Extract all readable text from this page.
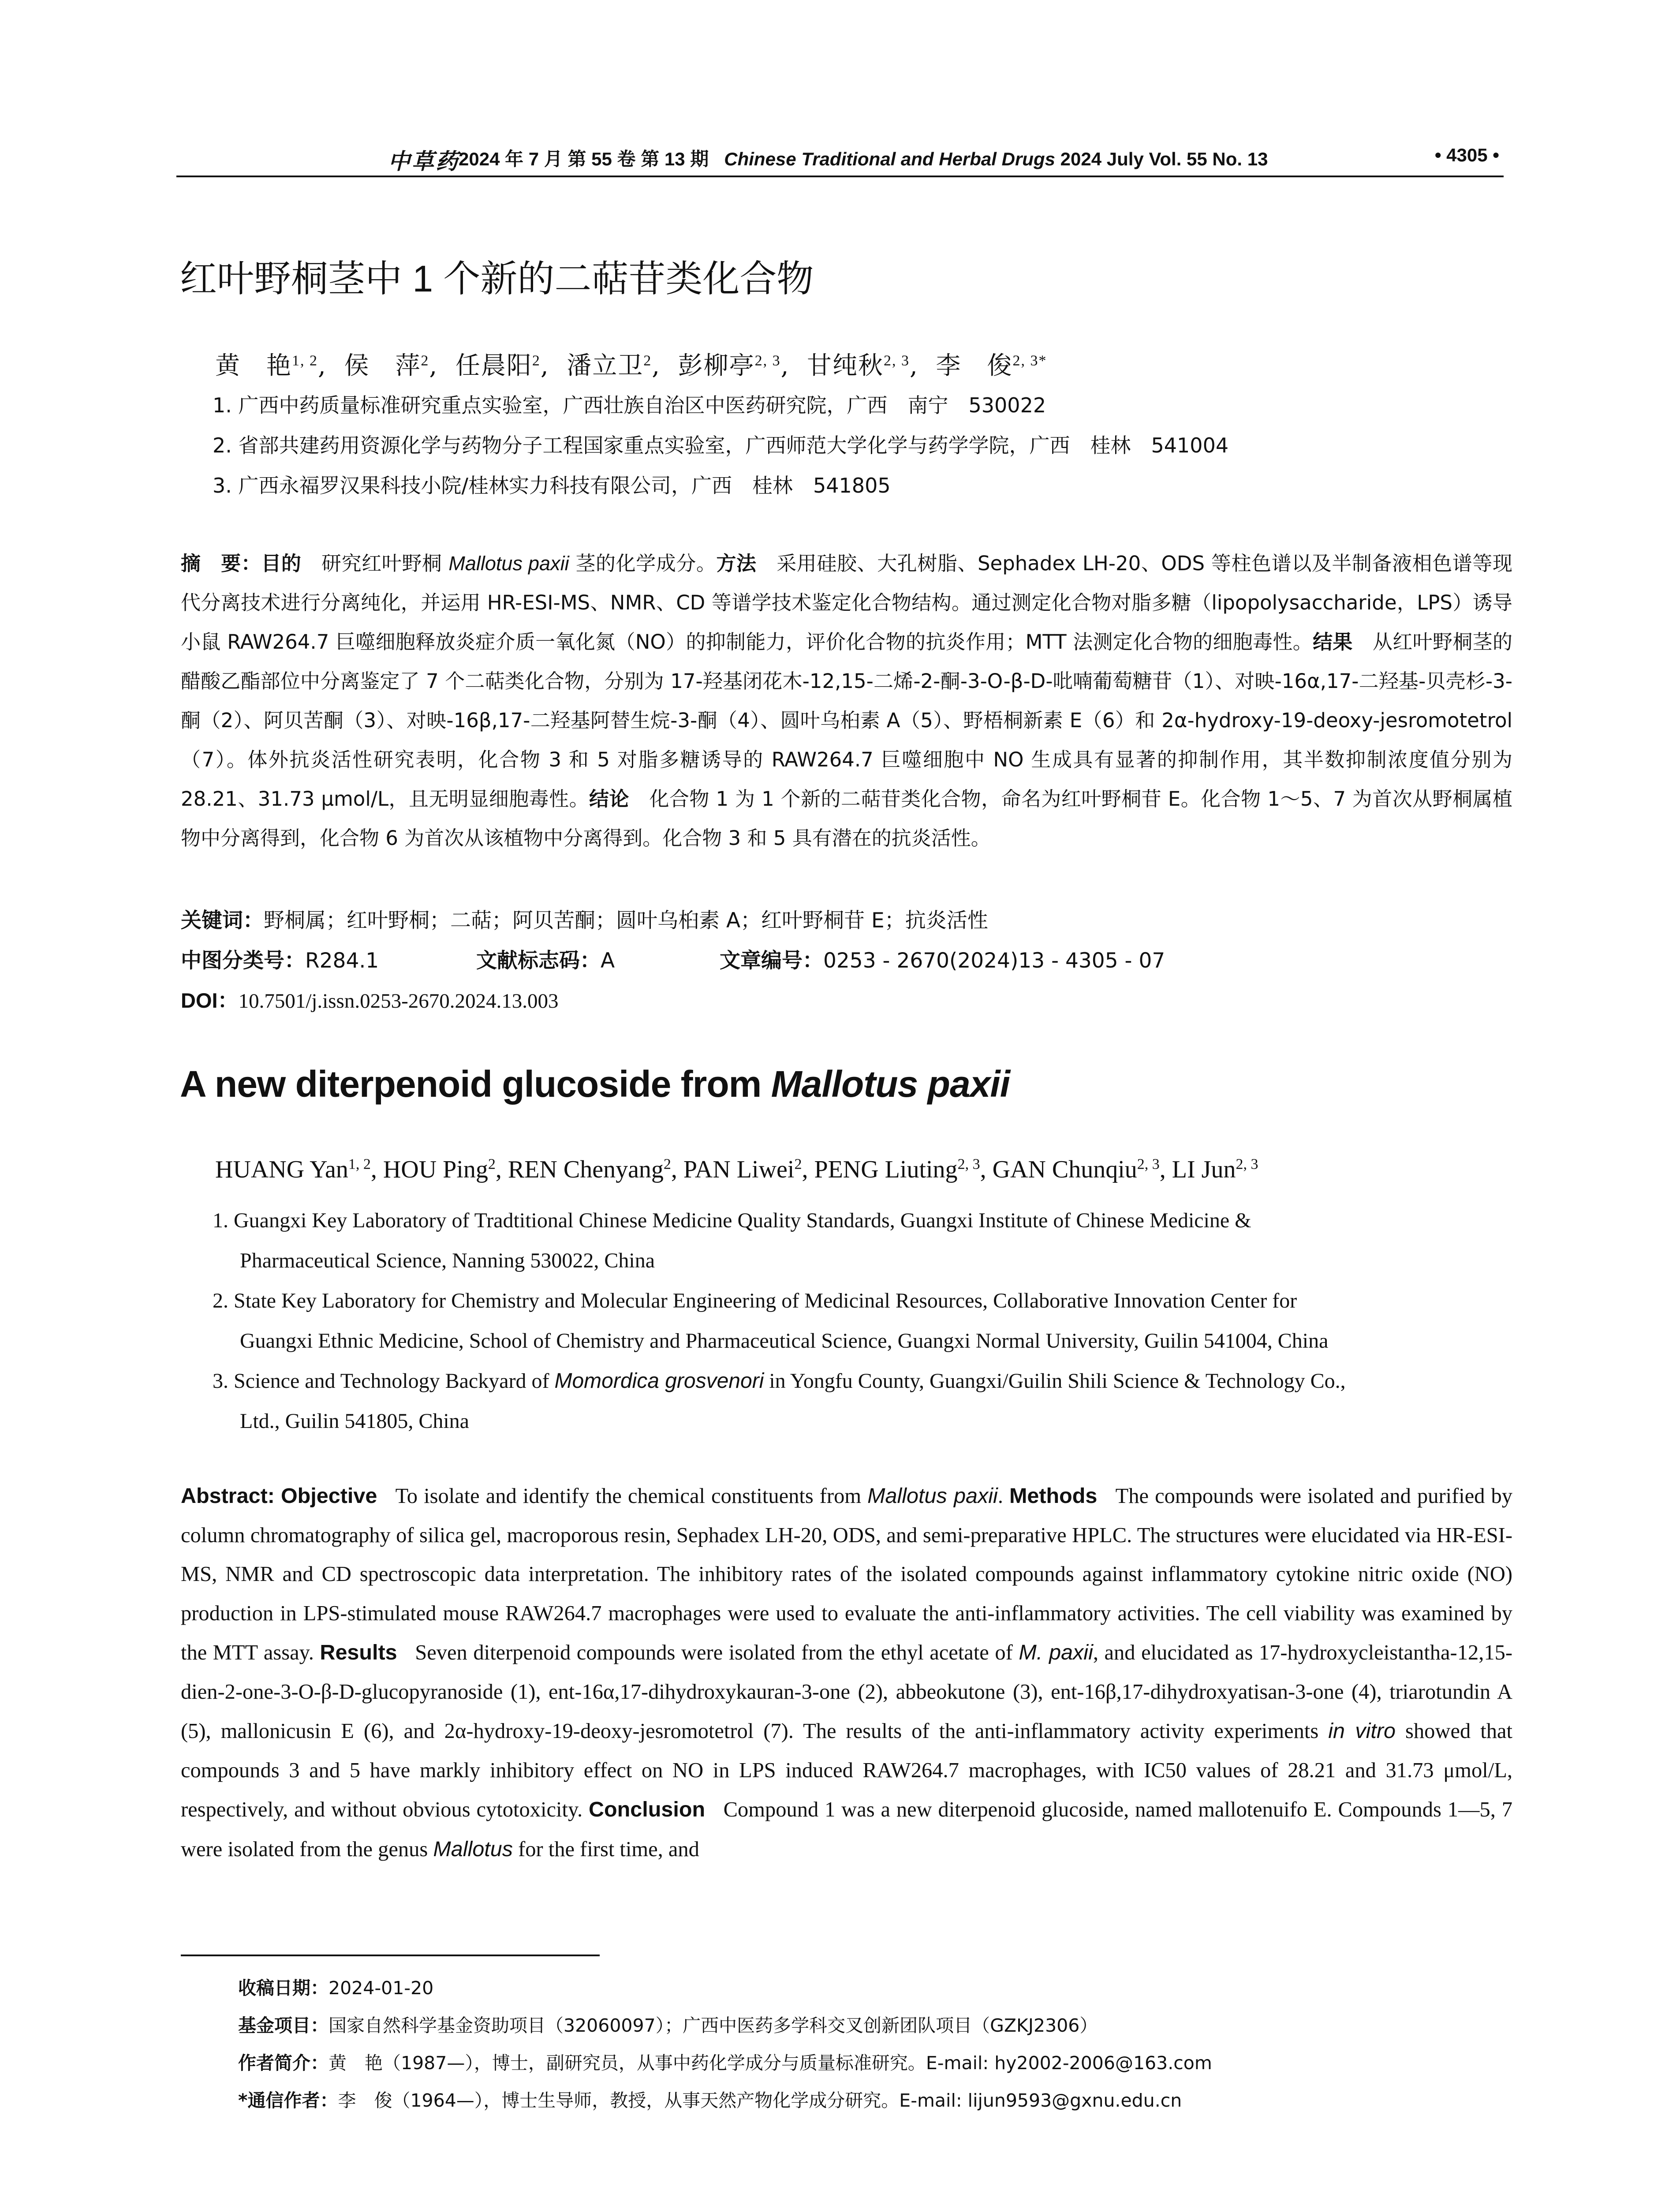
中草药
2024 年 7 月 第 55 卷 第 13 期 Chinese Traditional and Herbal Drugs 2024 July Vol. 55 No. 13	• 4305 •
红叶野桐茎中 1 个新的二萜苷类化合物
黄　艳$^{1, 2}$,  侯　萍$^2$,  任晨阳$^2$,  潘立卫$^2$,  彭柳亭$^{2, 3}$,  甘纯秋$^{2, 3}$,  李　俊$^{2, 3*}$
1. 广西中药质量标准研究重点实验室，广西壮族自治区中医药研究院，广西　南宁　530022
2. 省部共建药用资源化学与药物分子工程国家重点实验室，广西师范大学化学与药学学院，广西　桂林　541004
3. 广西永福罗汉果科技小院/桂林实力科技有限公司，广西　桂林　541805
摘　要：目的　 研究红叶野桐 Mallotus paxii 茎的化学成分。方法　 采用硅胶、大孔树脂、Sephadex LH-20、ODS 等柱色谱以及半制备液相色谱等现代分离技术进行分离纯化，并运用 HR-ESI-MS、NMR、CD 等谱学技术鉴定化合物结构。通过测定化合物对脂多糖（lipopolysaccharide，LPS）诱导小鼠 RAW264.7 巨噬细胞释放炎症介质一氧化氮（NO）的抑制能力，评价化合物的抗炎作用；MTT 法测定化合物的细胞毒性。结果　 从红叶野桐茎的醋酸乙酯部位中分离鉴定了 7 个二萜类化合物，分别为 17-羟基闭花木-12,15-二烯-2-酮-3-O-β-D-吡喃葡萄糖苷（1）、对映-16α,17-二羟基-贝壳杉-3-酮（2）、阿贝苦酮（3）、对映-16β,17-二羟基阿替生烷-3-酮（4）、圆叶乌桕素 A（5）、野梧桐新素 E（6）和 2α-hydroxy-19-deoxy-jesromotetrol（7）。体外抗炎活性研究表明，化合物 3 和 5 对脂多糖诱导的 RAW264.7 巨噬细胞中 NO 生成具有显著的抑制作用，其半数抑制浓度值分别为 28.21、31.73 μmol/L，且无明显细胞毒性。结论　 化合物 1 为 1 个新的二萜苷类化合物，命名为红叶野桐苷 E。化合物 1～5、7 为首次从野桐属植物中分离得到，化合物 6 为首次从该植物中分离得到。化合物 3 和 5 具有潜在的抗炎活性。
关键词：野桐属；红叶野桐；二萜；阿贝苦酮；圆叶乌桕素 A；红叶野桐苷 E；抗炎活性
中图分类号：R284.1	文献标志码：A	文章编号：0253 - 2670(2024)13 - 4305 - 07
DOI：10.7501/j.issn.0253-2670.2024.13.003
A new diterpenoid glucoside from Mallotus paxii
HUANG Yan$^{1, 2}$, HOU Ping$^2$, REN Chenyang$^2$, PAN Liwei$^2$, PENG Liuting$^{2, 3}$, GAN Chunqiu$^{2, 3}$, LI Jun$^{2, 3}$
1. Guangxi Key Laboratory of Tradtitional Chinese Medicine Quality Standards, Guangxi Institute of Chinese Medicine &
Pharmaceutical Science, Nanning 530022, China
2. State Key Laboratory for Chemistry and Molecular Engineering of Medicinal Resources, Collaborative Innovation Center for
Guangxi Ethnic Medicine, School of Chemistry and Pharmaceutical Science, Guangxi Normal University, Guilin 541004, China
3. Science and Technology Backyard of Momordica grosvenori in Yongfu County, Guangxi/Guilin Shili Science & Technology Co.,
Ltd., Guilin 541805, China
Abstract: Objective To isolate and identify the chemical constituents from Mallotus paxii. Methods The compounds were isolated and purified by column chromatography of silica gel, macroporous resin, Sephadex LH-20, ODS, and semi-preparative HPLC. The structures were elucidated via HR-ESI-MS, NMR and CD spectroscopic data interpretation. The inhibitory rates of the isolated compounds against inflammatory cytokine nitric oxide (NO) production in LPS-stimulated mouse RAW264.7 macrophages were used to evaluate the anti-inflammatory activities. The cell viability was examined by the MTT assay. Results Seven diterpenoid compounds were isolated from the ethyl acetate of M. paxii, and elucidated as 17-hydroxycleistantha-12,15-dien-2-one-3-O-β-D-glucopyranoside (1), ent-16α,17-dihydroxykauran-3-one (2), abbeokutone (3), ent-16β,17-dihydroxyatisan-3-one (4), triarotundin A (5), mallonicusin E (6), and 2α-hydroxy-19-deoxy-jesromotetrol (7). The results of the anti-inflammatory activity experiments in vitro showed that compounds 3 and 5 have markly inhibitory effect on NO in LPS induced RAW264.7 macrophages, with IC50 values of 28.21 and 31.73 μmol/L, respectively, and without obvious cytotoxicity. Conclusion Compound 1 was a new diterpenoid glucoside, named mallotenuifo E. Compounds 1—5, 7 were isolated from the genus Mallotus for the first time, and
收稿日期：2024-01-20
基金项目：国家自然科学基金资助项目（32060097）；广西中医药多学科交叉创新团队项目（GZKJ2306）
作者简介：黄　艳（1987—），博士，副研究员，从事中药化学成分与质量标准研究。E-mail: hy2002-2006@163.com
*通信作者：李　俊（1964—），博士生导师，教授，从事天然产物化学成分研究。E-mail: lijun9593@gxnu.edu.cn
